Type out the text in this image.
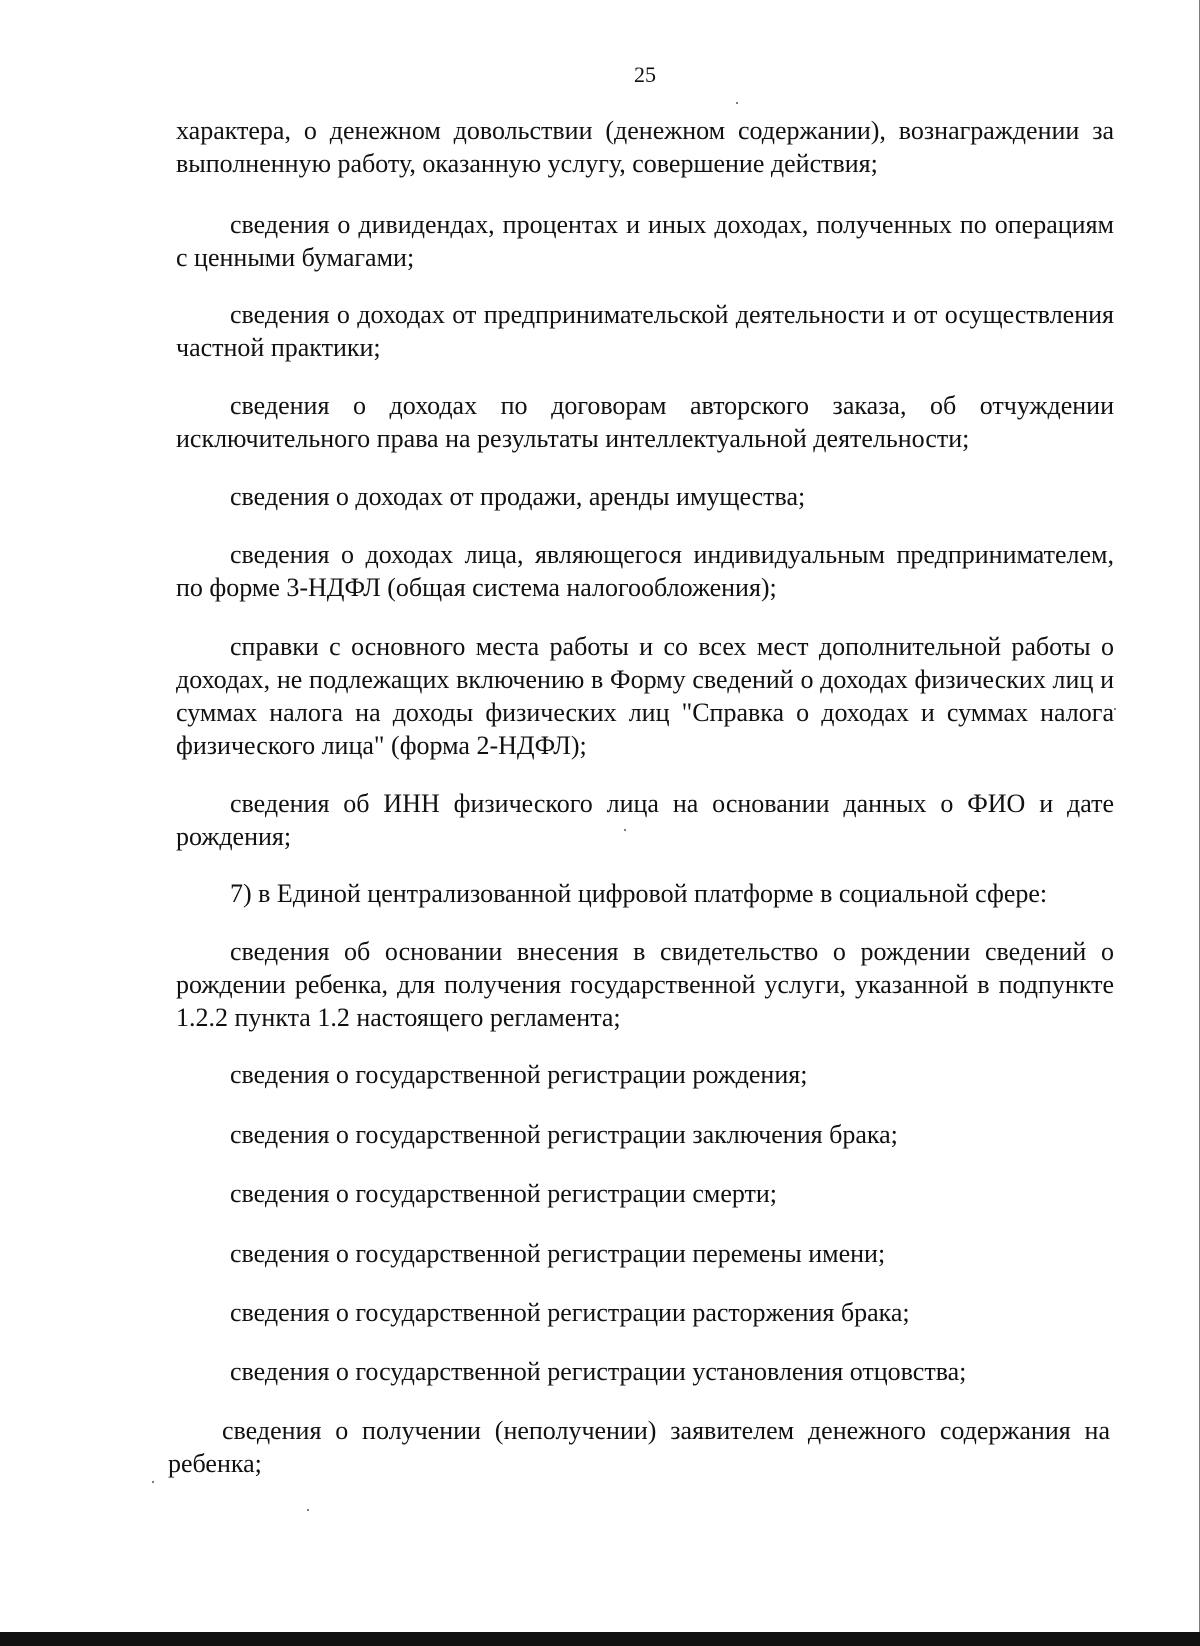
25

характера, о денежном довольствии (денежном содержании), вознаграждении за выполненную работу, оказанную услугу, совершение действия;

сведения о дивидендах, процентах и иных доходах, полученных по операциям с ценными бумагами;

сведения о доходах от предпринимательской деятельности и от осуществления частной практики;

сведения о доходах по договорам авторского заказа, об отчуждении исключительного права на результаты интеллектуальной деятельности;

сведения о доходах от продажи, аренды имущества;

сведения о доходах лица, являющегося индивидуальным предпринимателем, по форме 3-НДФЛ (общая система налогообложения);

справки с основного места работы и со всех мест дополнительной работы о доходах, не подлежащих включению в Форму сведений о доходах физических лиц и суммах налога на доходы физических лиц "Справка о доходах и суммах налога физического лица" (форма 2-НДФЛ);

сведения об ИНН физического лица на основании данных о ФИО и дате рождения;

7) в Единой централизованной цифровой платформе в социальной сфере:

сведения об основании внесения в свидетельство о рождении сведений о рождении ребенка, для получения государственной услуги, указанной в подпункте 1.2.2 пункта 1.2 настоящего регламента;

сведения о государственной регистрации рождения;

сведения о государственной регистрации заключения брака;

сведения о государственной регистрации смерти;

сведения о государственной регистрации перемены имени;

сведения о государственной регистрации расторжения брака;

сведения о государственной регистрации установления отцовства;

сведения о получении (неполучении) заявителем денежного содержания на ребенка;
